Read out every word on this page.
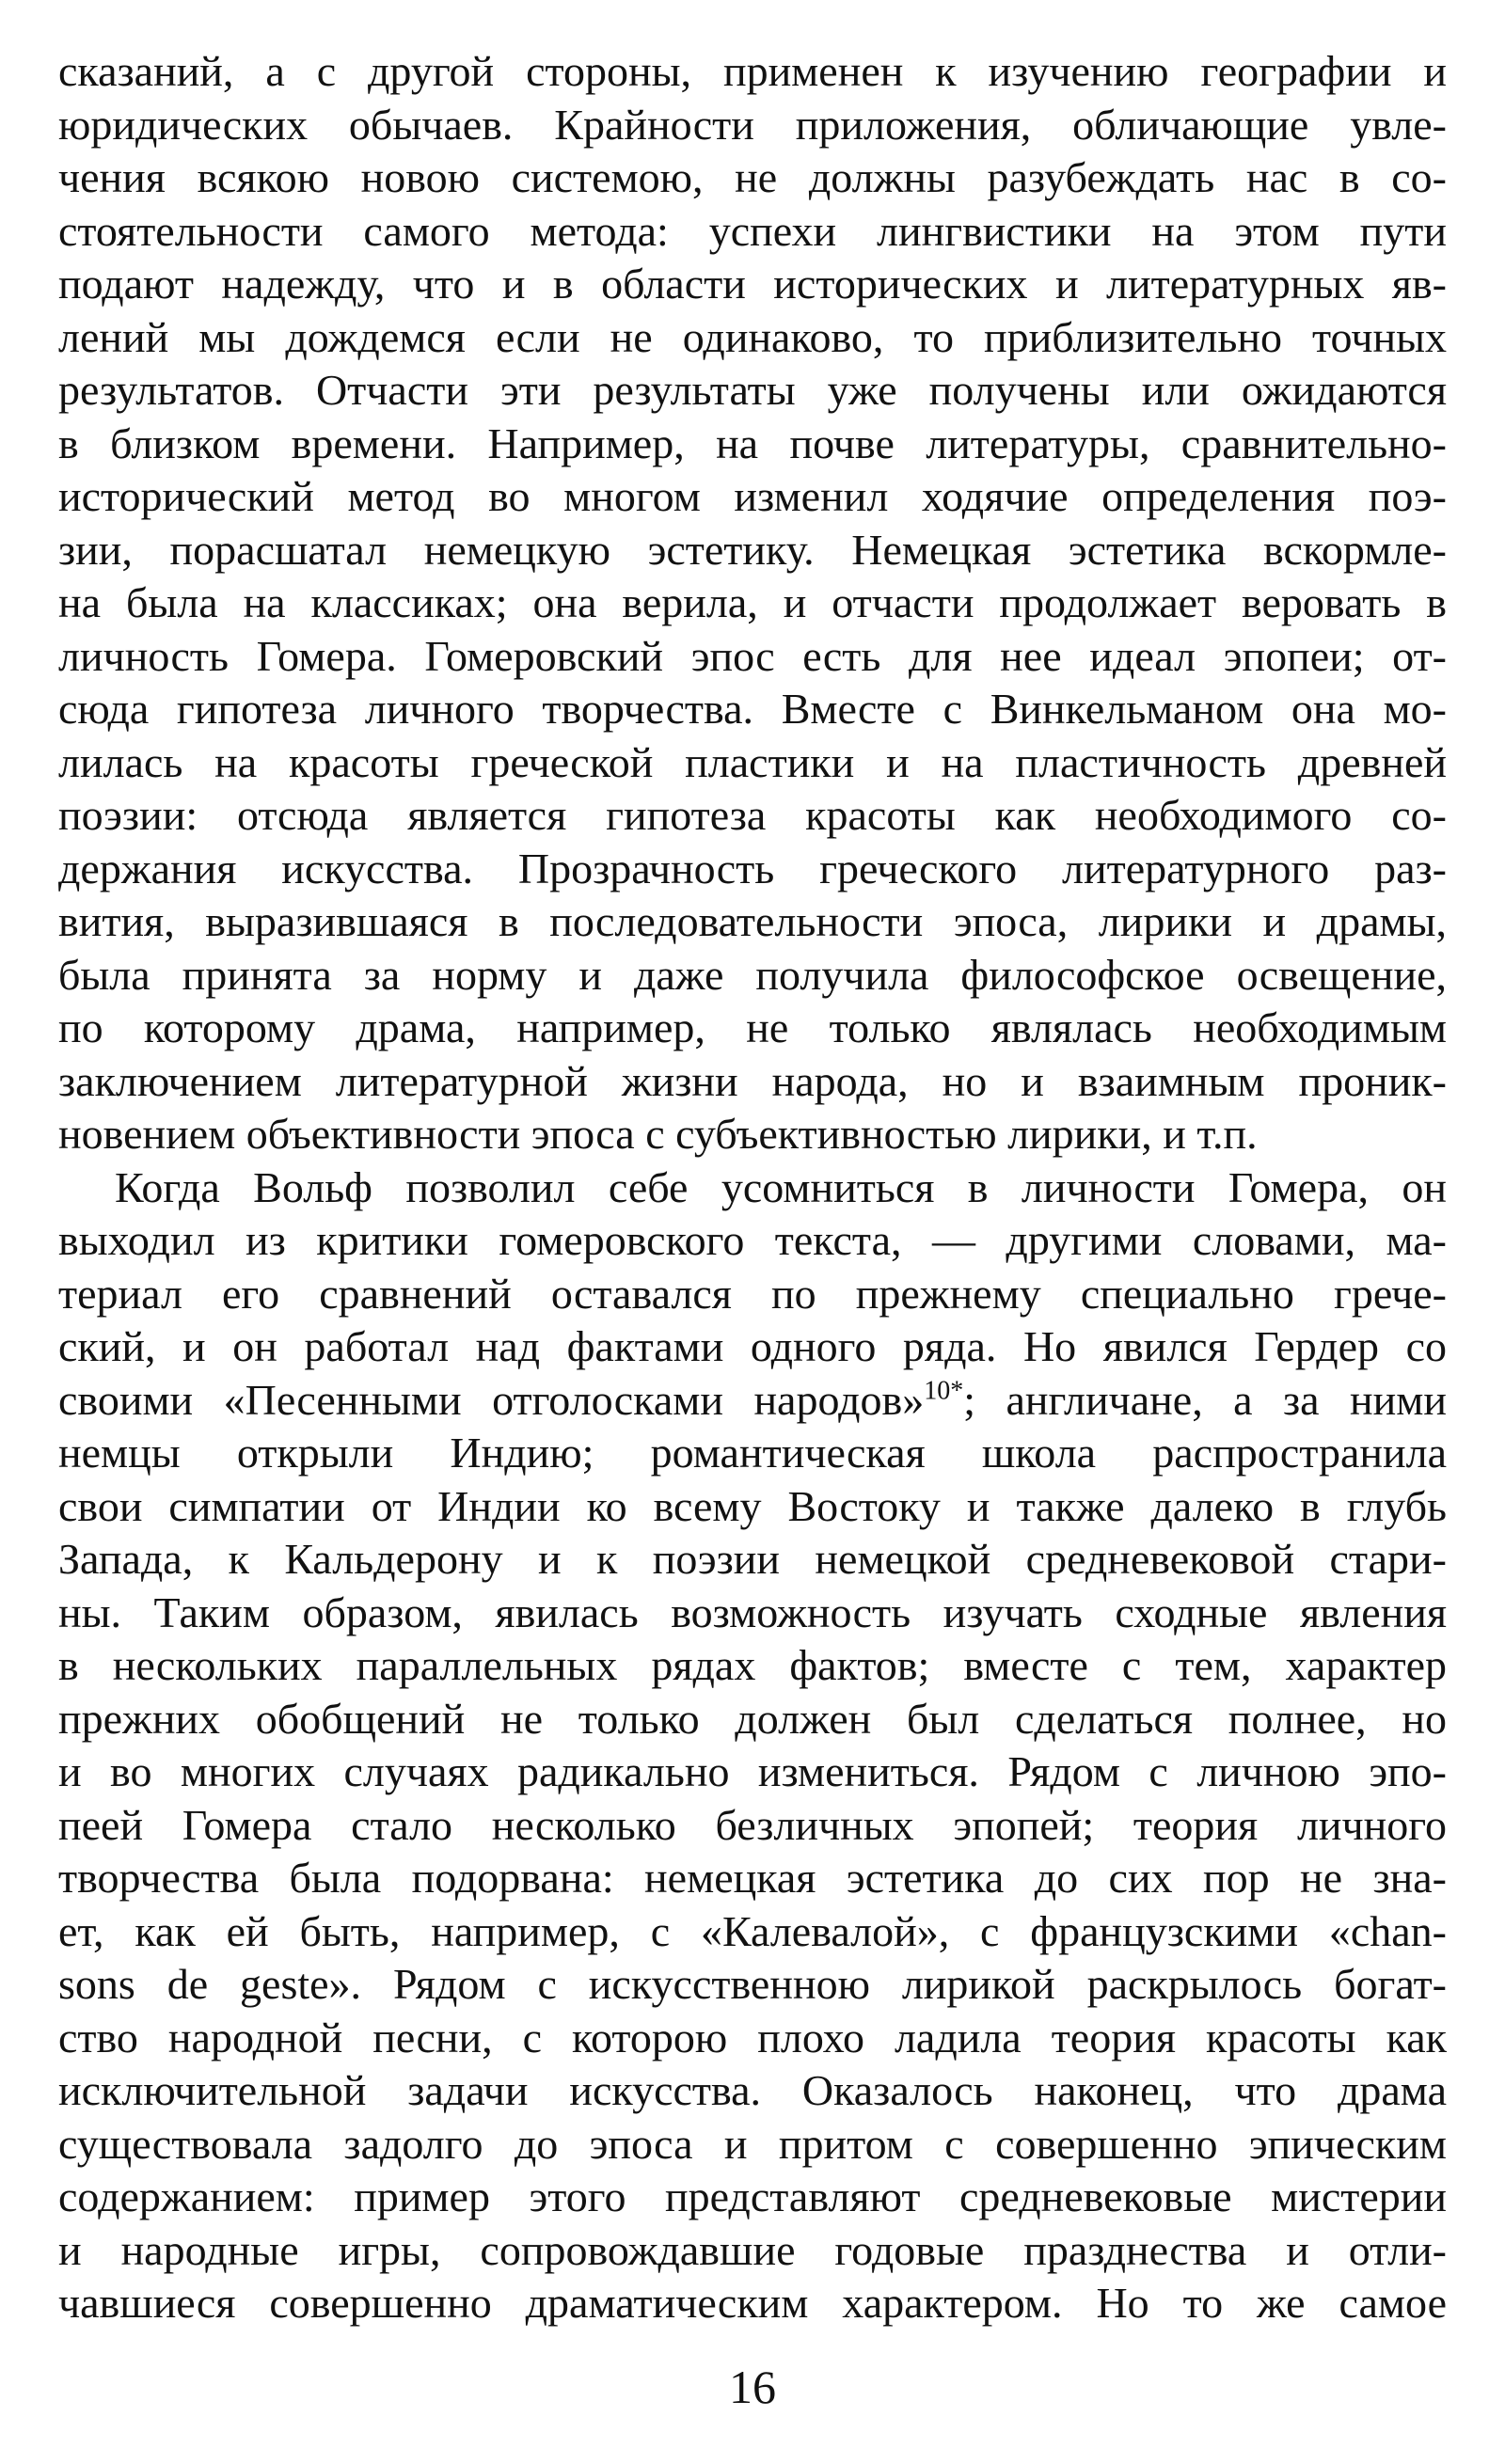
сказаний, а с другой стороны, применен к изучению географии и
юридических обычаев. Крайности приложения, обличающие увле-
чения всякою новою системою, не должны разубеждать нас в со-
стоятельности самого метода: успехи лингвистики на этом пути
подают надежду, что и в области исторических и литературных яв-
лений мы дождемся если не одинаково, то приблизительно точных
результатов. Отчасти эти результаты уже получены или ожидаются
в близком времени. Например, на почве литературы, сравнительно-
исторический метод во многом изменил ходячие определения поэ-
зии, порасшатал немецкую эстетику. Немецкая эстетика вскормле-
на была на классиках; она верила, и отчасти продолжает веровать в
личность Гомера. Гомеровский эпос есть для нее идеал эпопеи; от-
сюда гипотеза личного творчества. Вместе с Винкельманом она мо-
лилась на красоты греческой пластики и на пластичность древней
поэзии: отсюда является гипотеза красоты как необходимого со-
держания искусства. Прозрачность греческого литературного раз-
вития, выразившаяся в последовательности эпоса, лирики и драмы,
была принята за норму и даже получила философское освещение,
по которому драма, например, не только являлась необходимым
заключением литературной жизни народа, но и взаимным проник-
новением объективности эпоса с субъективностью лирики, и т.п.
Когда Вольф позволил себе усомниться в личности Гомера, он
выходил из критики гомеровского текста, — другими словами, ма-
териал его сравнений оставался по прежнему специально грече-
ский, и он работал над фактами одного ряда. Но явился Гердер со
своими «Песенными отголосками народов»$^{10*}$; англичане, а за ними
немцы открыли Индию; романтическая школа распространила
свои симпатии от Индии ко всему Востоку и также далеко в глубь
Запада, к Кальдерону и к поэзии немецкой средневековой стари-
ны. Таким образом, явилась возможность изучать сходные явления
в нескольких параллельных рядах фактов; вместе с тем, характер
прежних обобщений не только должен был сделаться полнее, но
и во многих случаях радикально измениться. Рядом с личною эпо-
пеей Гомера стало несколько безличных эпопей; теория личного
творчества была подорвана: немецкая эстетика до сих пор не зна-
ет, как ей быть, например, с «Калевалой», с французскими «chan-
sons de geste». Рядом с искусственною лирикой раскрылось богат-
ство народной песни, с которою плохо ладила теория красоты как
исключительной задачи искусства. Оказалось наконец, что драма
существовала задолго до эпоса и притом с совершенно эпическим
содержанием: пример этого представляют средневековые мистерии
и народные игры, сопровождавшие годовые празднества и отли-
чавшиеся совершенно драматическим характером. Но то же самое
16
